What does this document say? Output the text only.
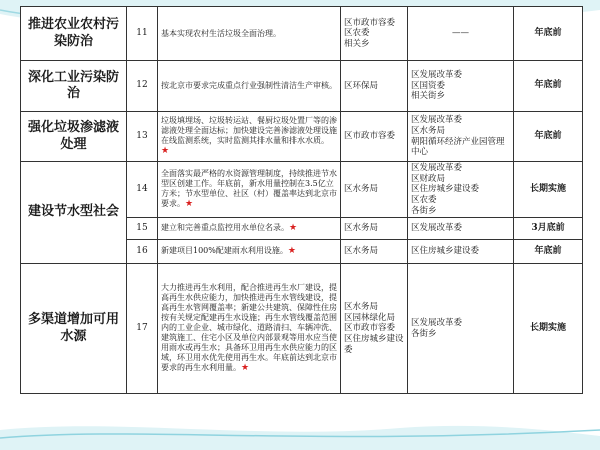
推进农业农村污染防治	11	基本实现农村生活垃圾全面治理。	区市政市容委
区农委
相关乡	——	年底前
深化工业污染防治	12	按北京市要求完成重点行业强制性清洁生产审核。	区环保局	区发展改革委
区国资委
相关街乡	年底前
强化垃圾渗滤液处理	13	垃圾填埋场、垃圾转运站、餐厨垃圾处置厂等的渗滤液处理全面达标；加快建设完善渗滤液处理设施在线监测系统，实时监测其排水量和排水水质。★	区市政市容委	区发展改革委
区水务局
朝阳循环经济产业园管理中心	年底前
建设节水型社会	14	全面落实最严格的水资源管理制度，持续推进节水型区创建工作。年底前，新水用量控制在3.5亿立方米；节水型单位、社区（村）覆盖率达到北京市要求。★	区水务局	区发展改革委
区财政局
区住房城乡建设委
区农委
各街乡	长期实施
	15	建立和完善重点监控用水单位名录。★	区水务局	区发展改革委	3月底前
	16	新建项目100%配建雨水利用设施。★	区水务局	区住房城乡建设委	年底前
多渠道增加可用水源	17	大力推进再生水利用，配合推进再生水厂建设，提高再生水供应能力，加快推进再生水管线建设，提高再生水管网覆盖率；新建公共建筑、保障性住房按有关规定配建再生水设施；再生水管线覆盖范围内的工业企业、城市绿化、道路清扫、车辆冲洗、建筑施工、住宅小区及单位内部景观等用水应当使用雨水或再生水；具备环卫用再生水供应能力的区域，环卫用水优先使用再生水。年底前达到北京市要求的再生水利用量。★	区水务局
区园林绿化局
区市政市容委
区住房城乡建设委	区发展改革委
各街乡	长期实施
